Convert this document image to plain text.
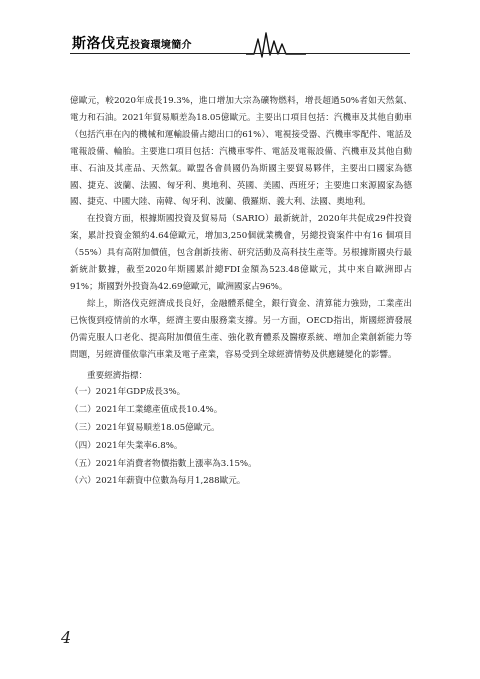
斯洛伐克投資環境簡介

億歐元，較2020年成長19.3%，進口增加大宗為礦物燃料，增長超過50%者如天然氣、電力和石油。2021年貿易順差為18.05億歐元。主要出口項目包括：汽機車及其他自動車（包括汽車在內的機械和運輸設備占總出口的61%）、電視接受器、汽機車零配件、電話及電報設備、輪胎。主要進口項目包括：汽機車零件、電話及電報設備、汽機車及其他自動車、石油及其產品、天然氣。歐盟各會員國仍為斯國主要貿易夥伴，主要出口國家為德國、捷克、波蘭、法國、匈牙利、奧地利、英國、美國、西班牙；主要進口來源國家為德國、捷克、中國大陸、南韓、匈牙利、波蘭、俄羅斯、義大利、法國、奧地利。

在投資方面，根據斯國投資及貿易局（SARIO）最新統計，2020年共促成29件投資案，累計投資金額約4.64億歐元，增加3,250個就業機會，另總投資案件中有16 個項目（55%）具有高附加價值，包含創新技術、研究活動及高科技生產等。另根據斯國央行最新統計數據，截至2020年斯國累計總FDI金額為523.48億歐元，其中來自歐洲即占91%；斯國對外投資為42.69億歐元，歐洲國家占96%。

綜上，斯洛伐克經濟成長良好，金融體系健全，銀行資金、清算能力強勁，工業產出已恢復到疫情前的水準，經濟主要由服務業支撐。另一方面，OECD指出，斯國經濟發展仍需克服人口老化、提高附加價值生產、強化教育體系及醫療系統、增加企業創新能力等問題，另經濟僅依靠汽車業及電子產業，容易受到全球經濟情勢及供應鏈變化的影響。

重要經濟指標：

（一）2021年GDP成長3%。
（二）2021年工業總產值成長10.4%。
（三）2021年貿易順差18.05億歐元。
（四）2021年失業率6.8%。
（五）2021年消費者物價指數上漲率為3.15%。
（六）2021年薪資中位數為每月1,288歐元。
4
